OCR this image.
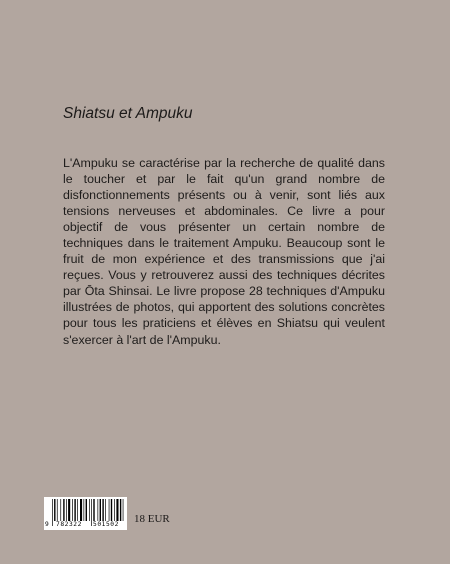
Shiatsu et Ampuku

L'Ampuku se caractérise par la recherche de qualité dans le toucher et par le fait qu'un grand nombre de disfonctionnements présents ou à venir, sont liés aux tensions nerveuses et abdominales. Ce livre a pour objectif de vous présenter un certain nombre de techniques dans le traitement Ampuku. Beaucoup sont le fruit de mon expérience et des transmissions que j'ai reçues. Vous y retrouverez aussi des techniques décrites par Ōta Shinsai. Le livre propose 28 techniques d'Ampuku illustrées de photos, qui apportent des solutions concrètes pour tous les praticiens et élèves en Shiatsu qui veulent s'exercer à l'art de l'Ampuku.

9 782322 501502 18 EUR
